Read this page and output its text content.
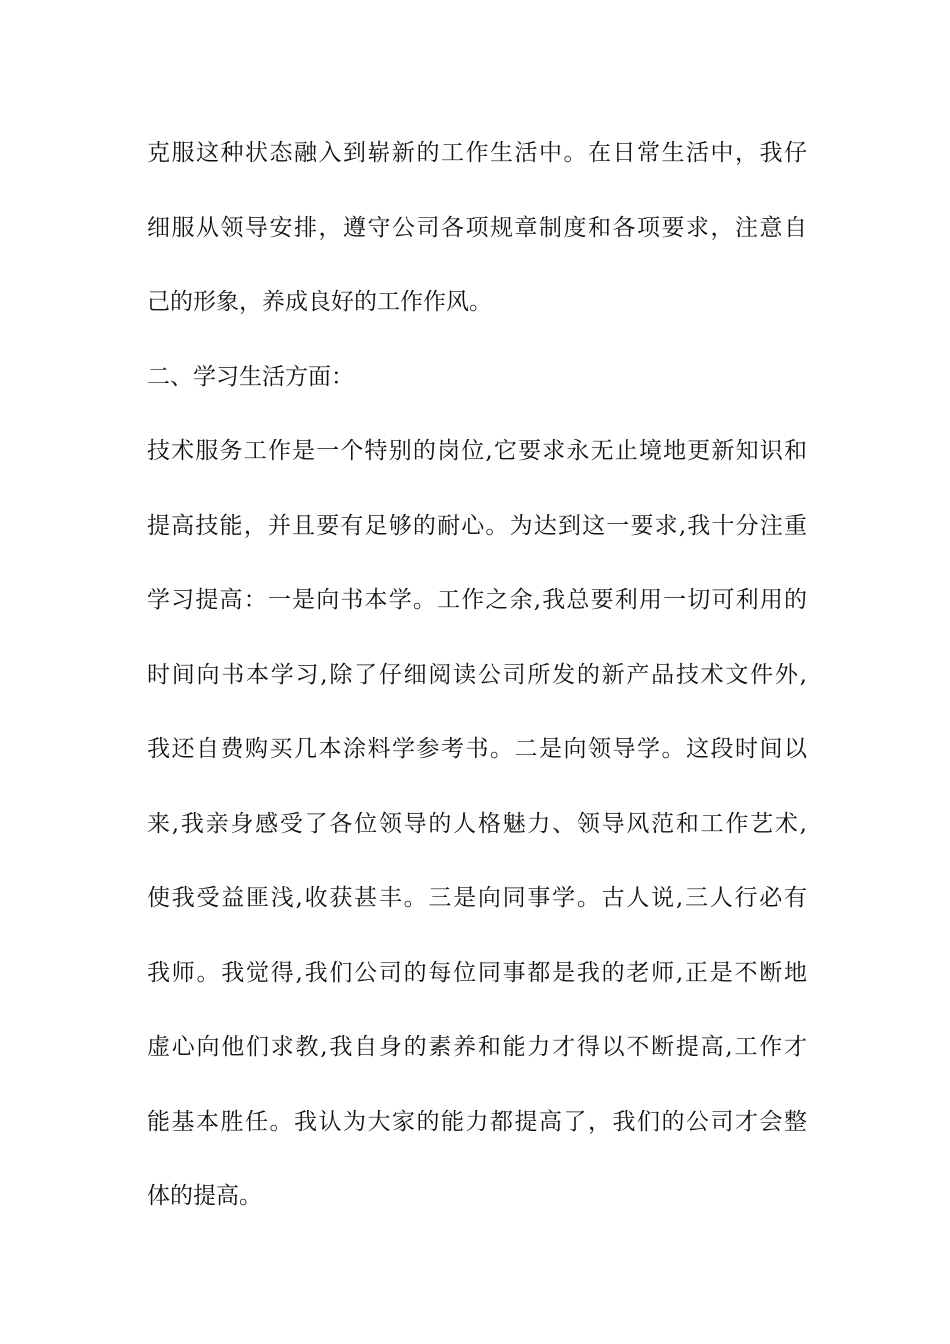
克服这种状态融入到崭新的工作生活中。在日常生活中，我仔
细服从领导安排，遵守公司各项规章制度和各项要求，注意自
己的形象，养成良好的工作作风。
二、学习生活方面：
技术服务工作是一个特别的岗位,它要求永无止境地更新知识和
提高技能，并且要有足够的耐心。为达到这一要求,我十分注重
学习提高：一是向书本学。工作之余,我总要利用一切可利用的
时间向书本学习,除了仔细阅读公司所发的新产品技术文件外,
我还自费购买几本涂料学参考书。二是向领导学。这段时间以
来,我亲身感受了各位领导的人格魅力、领导风范和工作艺术,
使我受益匪浅,收获甚丰。三是向同事学。古人说,三人行必有
我师。我觉得,我们公司的每位同事都是我的老师,正是不断地
虚心向他们求教,我自身的素养和能力才得以不断提高,工作才
能基本胜任。我认为大家的能力都提高了，我们的公司才会整
体的提高。
